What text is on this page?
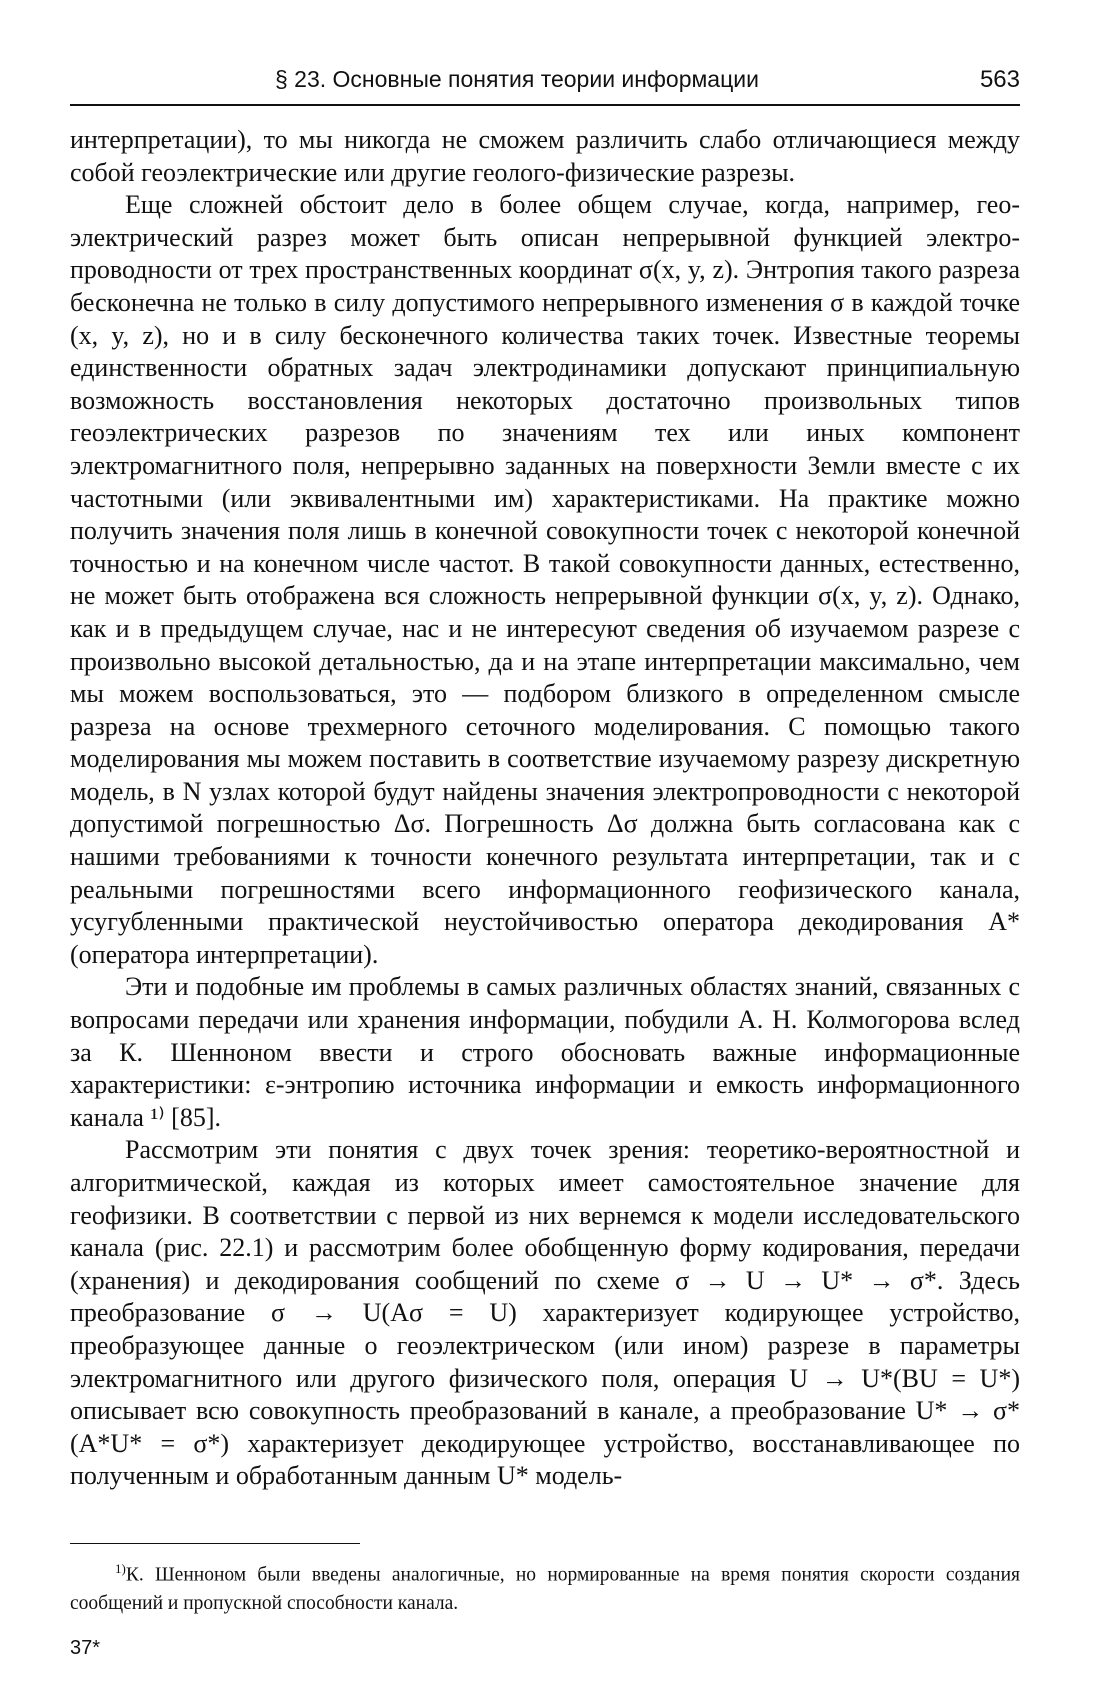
§ 23. Основные понятия теории информации	563

интерпретации), то мы никогда не сможем различить слабо отличающиеся между собой геоэлектрические или другие геолого-физические разрезы.

Еще сложней обстоит дело в более общем случае, когда, например, геоэлектрический разрез может быть описан непрерывной функцией электропроводности от трех пространственных координат σ(x, y, z). Энтропия такого разреза бесконечна не только в силу допустимого непрерывного изменения σ в каждой точке (x, y, z), но и в силу бесконечного количества таких точек. Известные теоремы единственности обратных задач электродинамики допускают принципиальную возможность восстановления некоторых достаточно произвольных типов геоэлектрических разрезов по значениям тех или иных компонент электромагнитного поля, непрерывно заданных на поверхности Земли вместе с их частотными (или эквивалентными им) характеристиками. На практике можно получить значения поля лишь в конечной совокупности точек с некоторой конечной точностью и на конечном числе частот. В такой совокупности данных, естественно, не может быть отображена вся сложность непрерывной функции σ(x, y, z). Однако, как и в предыдущем случае, нас и не интересуют сведения об изучаемом разрезе с произвольно высокой детальностью, да и на этапе интерпретации максимально, чем мы можем воспользоваться, это — подбором близкого в определенном смысле разреза на основе трехмерного сеточного моделирования. С помощью такого моделирования мы можем поставить в соответствие изучаемому разрезу дискретную модель, в N узлах которой будут найдены значения электропроводности с некоторой допустимой погрешностью Δσ. Погрешность Δσ должна быть согласована как с нашими требованиями к точности конечного результата интерпретации, так и с реальными погрешностями всего информационного геофизического канала, усугубленными практической неустойчивостью оператора декодирования A* (оператора интерпретации).

Эти и подобные им проблемы в самых различных областях знаний, связанных с вопросами передачи или хранения информации, побудили А. Н. Колмогорова вслед за К. Шенноном ввести и строго обосновать важные информационные характеристики: ε-энтропию источника информации и емкость информационного канала ¹⁾ [85].

Рассмотрим эти понятия с двух точек зрения: теоретико-вероятностной и алгоритмической, каждая из которых имеет самостоятельное значение для геофизики. В соответствии с первой из них вернемся к модели исследовательского канала (рис. 22.1) и рассмотрим более обобщенную форму кодирования, передачи (хранения) и декодирования сообщений по схеме σ → U → U* → σ*. Здесь преобразование σ → U(Aσ = U) характеризует кодирующее устройство, преобразующее данные о геоэлектрическом (или ином) разрезе в параметры электромагнитного или другого физического поля, операция U → U*(BU = U*) описывает всю совокупность преобразований в канале, а преобразование U* → σ* (A*U* = σ*) характеризует декодирующее устройство, восстанавливающее по полученным и обработанным данным U* модель-

$^{1)}$К. Шенноном были введены аналогичные, но нормированные на время понятия скорости создания сообщений и пропускной способности канала.

37*
